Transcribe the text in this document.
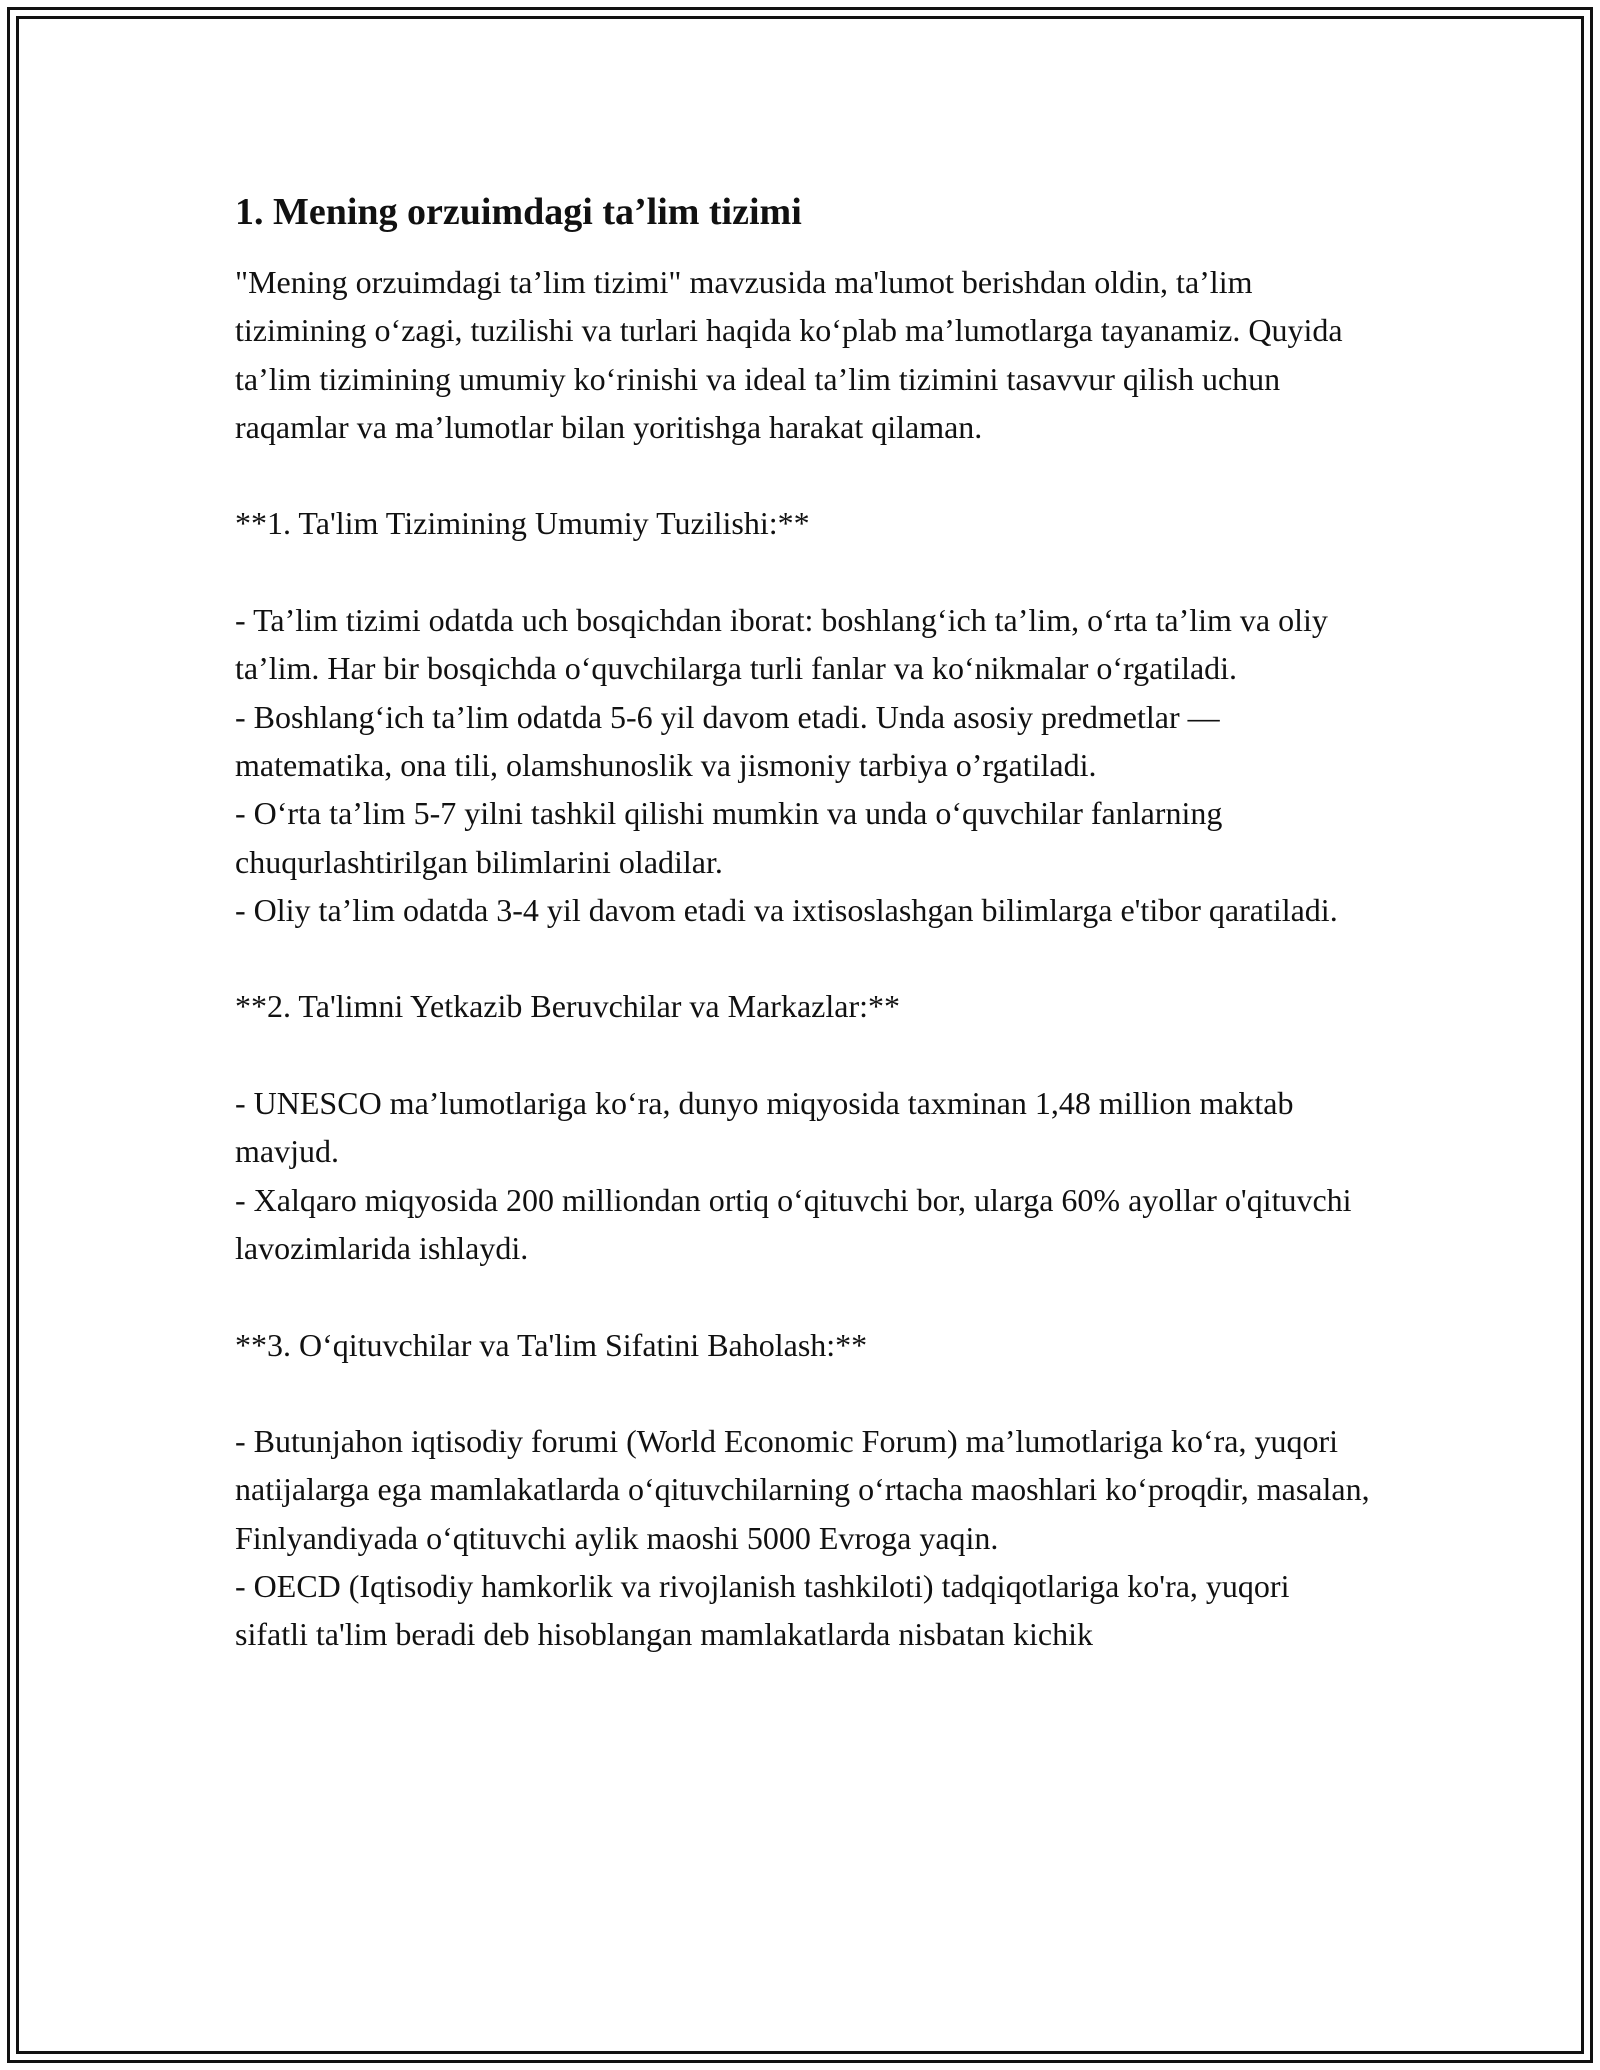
1. Mening orzuimdagi ta’lim tizimi

"Mening orzuimdagi ta’lim tizimi" mavzusida ma'lumot berishdan oldin, ta’lim tizimining o‘zagi, tuzilishi va turlari haqida ko‘plab ma’lumotlarga tayanamiz. Quyida ta’lim tizimining umumiy ko‘rinishi va ideal ta’lim tizimini tasavvur qilish uchun raqamlar va ma’lumotlar bilan yoritishga harakat qilaman.

**1. Ta'lim Tizimining Umumiy Tuzilishi:**

- Ta’lim tizimi odatda uch bosqichdan iborat: boshlang‘ich ta’lim, o‘rta ta’lim va oliy ta’lim. Har bir bosqichda o‘quvchilarga turli fanlar va ko‘nikmalar o‘rgatiladi.

- Boshlang‘ich ta’lim odatda 5-6 yil davom etadi. Unda asosiy predmetlar — matematika, ona tili, olamshunoslik va jismoniy tarbiya o’rgatiladi.

- O‘rta ta’lim 5-7 yilni tashkil qilishi mumkin va unda o‘quvchilar fanlarning chuqurlashtirilgan bilimlarini oladilar.

- Oliy ta’lim odatda 3-4 yil davom etadi va ixtisoslashgan bilimlarga e'tibor qaratiladi.

**2. Ta'limni Yetkazib Beruvchilar va Markazlar:**

- UNESCO ma’lumotlariga ko‘ra, dunyo miqyosida taxminan 1,48 million maktab mavjud.

- Xalqaro miqyosida 200 milliondan ortiq o‘qituvchi bor, ularga 60% ayollar o'qituvchi lavozimlarida ishlaydi.

**3. O‘qituvchilar va Ta'lim Sifatini Baholash:**

- Butunjahon iqtisodiy forumi (World Economic Forum) ma’lumotlariga ko‘ra, yuqori natijalarga ega mamlakatlarda o‘qituvchilarning o‘rtacha maoshlari ko‘proqdir, masalan, Finlyandiyada o‘qtituvchi aylik maoshi 5000 Evroga yaqin.

- OECD (Iqtisodiy hamkorlik va rivojlanish tashkiloti) tadqiqotlariga ko'ra, yuqori sifatli ta'lim beradi deb hisoblangan mamlakatlarda nisbatan kichik
